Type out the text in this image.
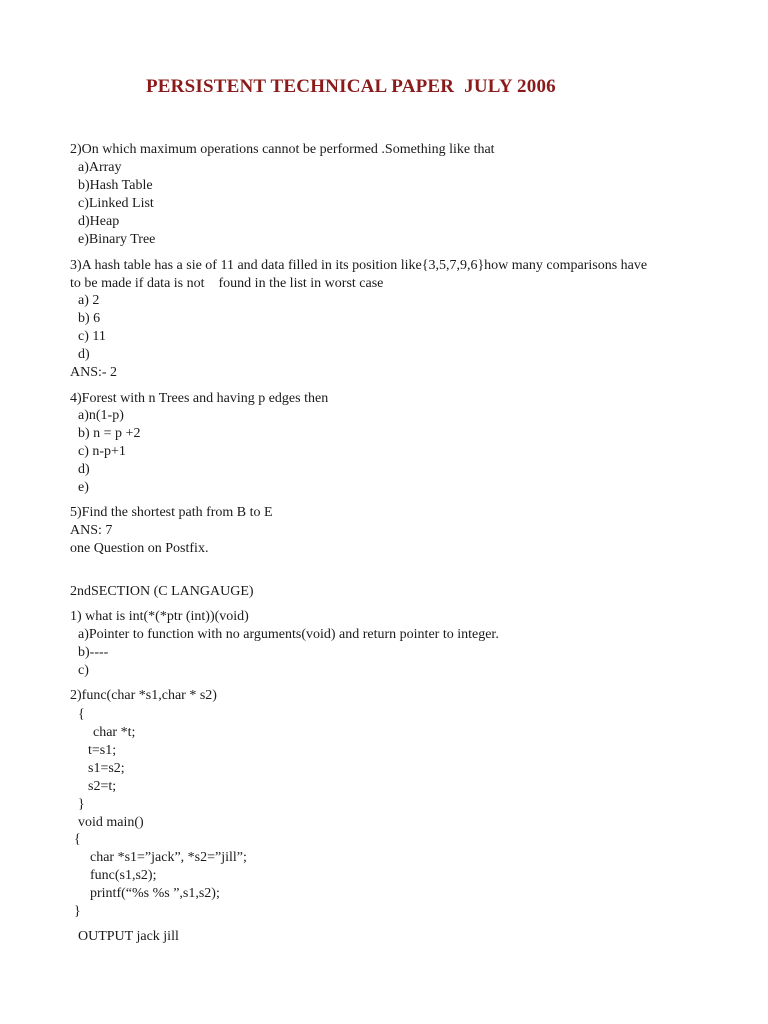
PERSISTENT TECHNICAL PAPER  JULY 2006
2)On which maximum operations cannot be performed .Something like that
a)Array
b)Hash Table
c)Linked List
d)Heap
e)Binary Tree
3)A hash table has a sie of 11 and data filled in its position like{3,5,7,9,6}how many comparisons have
to be made if data is not    found in the list in worst case
a) 2
b) 6
c) 11
d)
ANS:- 2
4)Forest with n Trees and having p edges then
a)n(1-p)
b) n = p +2
c) n-p+1
d)
e)
5)Find the shortest path from B to E
ANS: 7
one Question on Postfix.
2ndSECTION (C LANGAUGE)
1) what is int(*(*ptr (int))(void)
a)Pointer to function with no arguments(void) and return pointer to integer.
b)----
c)
2)func(char *s1,char * s2)
{
char *t;
t=s1;
s1=s2;
s2=t;
}
void main()
{
char *s1=”jack”, *s2=”jill”;
func(s1,s2);
printf(“%s %s ”,s1,s2);
}
OUTPUT jack jill
